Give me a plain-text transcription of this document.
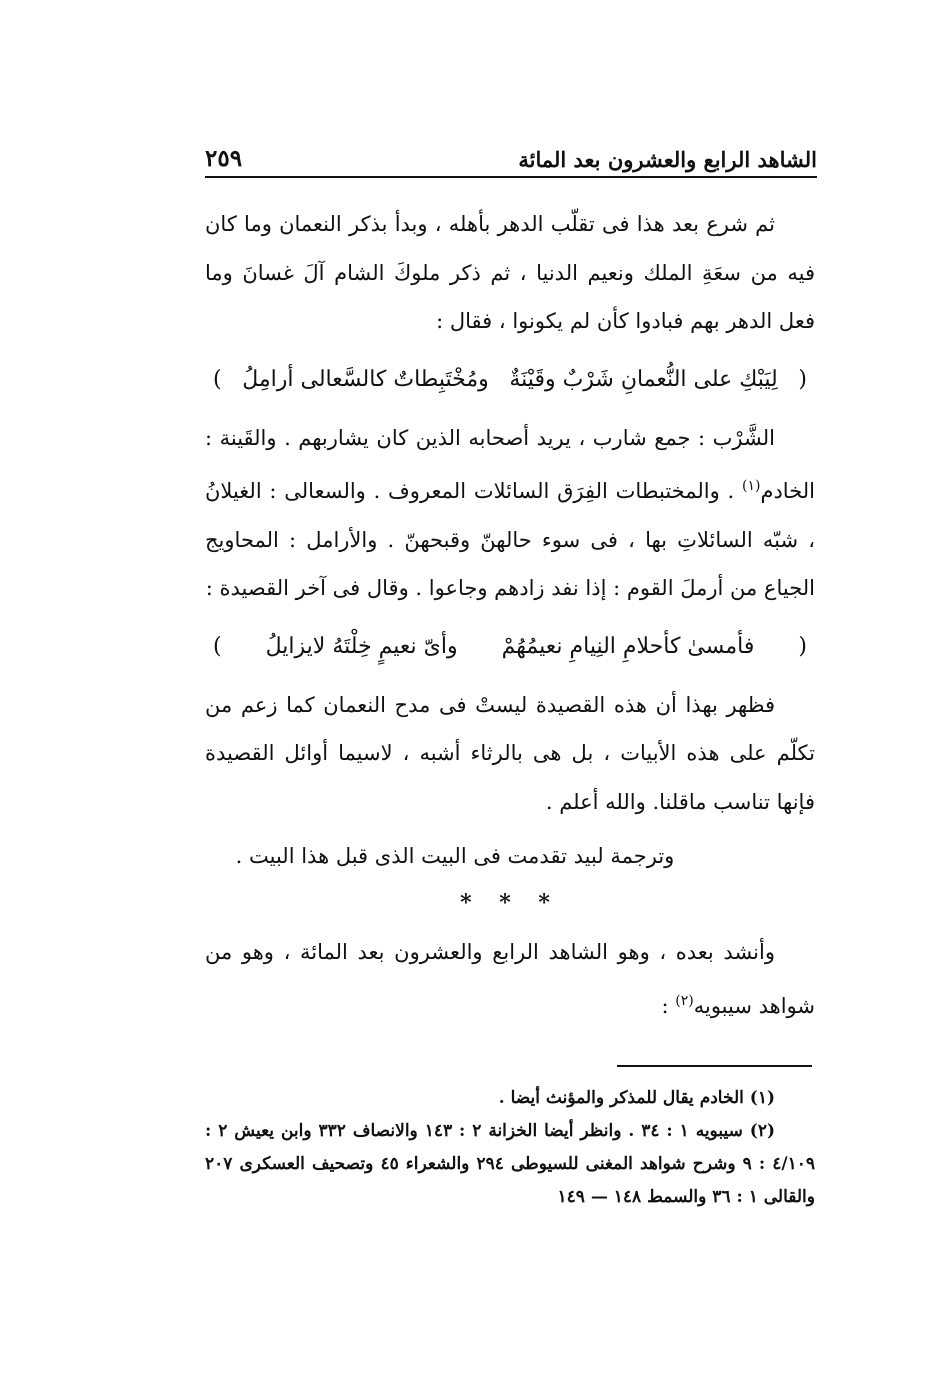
الشاهد الرابع والعشرون بعد المائة
٢٥٩

ثم شرع بعد هذا فى تقلّب الدهر بأهله ، وبدأ بذكر النعمان وما كان فيه من سعَةِ الملك ونعيم الدنيا ، ثم ذكر ملوكَ الشام آلَ غسانَ وما فعل الدهر بهم فبادوا كأن لم يكونوا ، فقال :

(
لِيَبْكِ على النُّعمانِ شَرْبٌ وقَيْنَةٌ
ومُخْتَبِطاتٌ كالسَّعالى أرامِلُ
)

الشَّرْب : جمع شارب ، يريد أصحابه الذين كان يشاربهم . والقَينة : الخادم$^{(١)}$ . والمختبطات الفِرَق السائلات المعروف . والسعالى : الغيلانُ ، شبّه السائلاتِ بها ، فى سوء حالهنّ وقبحهنّ . والأرامل : المحاويج الجياع من أرملَ القوم : إذا نفد زادهم وجاعوا . وقال فى آخر القصيدة :

(
فأمسىٰ كأحلامِ النِيامِ نعيمُهُمْ
وأىّ نعيمٍ خِلْتَهُ لايزايلُ
)

فظهر بهذا أن هذه القصيدة ليستْ فى مدح النعمان كما زعم من تكلّم على هذه الأبيات ، بل هى بالرثاء أشبه ، لاسيما أوائل القصيدة فإنها تناسب ماقلنا. والله أعلم .

وترجمة لبيد تقدمت فى البيت الذى قبل هذا البيت .

* * *

وأنشد بعده ، وهو الشاهد الرابع والعشرون بعد المائة ، وهو من شواهد سيبويه$^{(٢)}$ :

(١) الخادم يقال للمذكر والمؤنث أيضا .

(٢) سيبويه ١ : ٣٤ . وانظر أيضا الخزانة ٢ : ١٤٣ والانصاف ٣٣٢ وابن يعيش ٢ : ٤/١٠٩ : ٩ وشرح شواهد المغنى للسيوطى ٢٩٤ والشعراء ٤٥ وتصحيف العسكرى ٢٠٧ والقالى ١ : ٣٦ والسمط ١٤٨ — ١٤٩
